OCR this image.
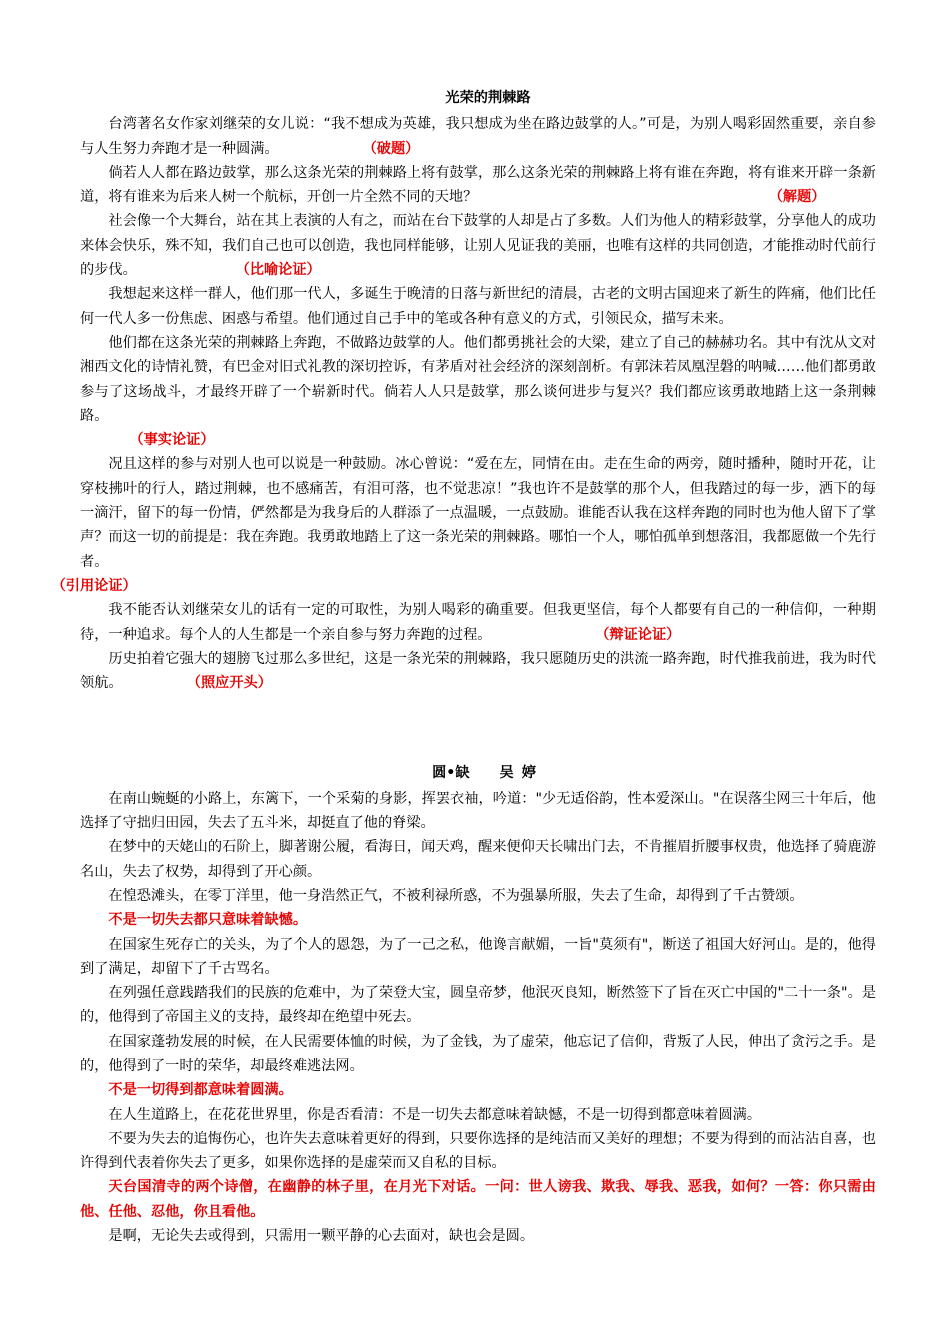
光荣的荆棘路

台湾著名女作家刘继荣的女儿说：“我不想成为英雄，我只想成为坐在路边鼓掌的人。”可是，为别人喝彩固然重要，亲自参与人生努力奔跑才是一种圆满。	（破题）

倘若人人都在路边鼓掌，那么这条光荣的荆棘路上将有鼓掌，那么这条光荣的荆棘路上将有谁在奔跑，将有谁来开辟一条新道，将有谁来为后来人树一个航标，开创一片全然不同的天地？	（解题）

社会像一个大舞台，站在其上表演的人有之，而站在台下鼓掌的人却是占了多数。人们为他人的精彩鼓掌，分享他人的成功来体会快乐，殊不知，我们自己也可以创造，我也同样能够，让别人见证我的美丽，也唯有这样的共同创造，才能推动时代前行的步伐。	（比喻论证）

我想起来这样一群人，他们那一代人，多诞生于晚清的日落与新世纪的清晨，古老的文明古国迎来了新生的阵痛，他们比任何一代人多一份焦虑、困惑与希望。他们通过自己手中的笔或各种有意义的方式，引领民众，描写未来。

他们都在这条光荣的荆棘路上奔跑，不做路边鼓掌的人。他们都勇挑社会的大梁，建立了自己的赫赫功名。其中有沈从文对湘西文化的诗情礼赞，有巴金对旧式礼教的深切控诉，有茅盾对社会经济的深刻剖析。有郭沫若凤凰涅磐的呐喊……他们都勇敢参与了这场战斗，才最终开辟了一个崭新时代。倘若人人只是鼓掌，那么谈何进步与复兴？我们都应该勇敢地踏上这一条荆棘路。
（事实论证）

况且这样的参与对别人也可以说是一种鼓励。冰心曾说：“爱在左，同情在由。走在生命的两旁，随时播种，随时开花，让穿枝拂叶的行人，踏过荆棘，也不感痛苦，有泪可落，也不觉悲凉！”我也许不是鼓掌的那个人，但我踏过的每一步，洒下的每一滴汗，留下的每一份情，俨然都是为我身后的人群添了一点温暖，一点鼓励。谁能否认我在这样奔跑的同时也为他人留下了掌声？而这一切的前提是：我在奔跑。我勇敢地踏上了这一条光荣的荆棘路。哪怕一个人，哪怕孤单到想落泪，我都愿做一个先行者。
（引用论证）

我不能否认刘继荣女儿的话有一定的可取性，为别人喝彩的确重要。但我更坚信，每个人都要有自己的一种信仰，一种期待，一种追求。每个人的人生都是一个亲自参与努力奔跑的过程。	（辩证论证）

历史拍着它强大的翅膀飞过那么多世纪，这是一条光荣的荆棘路，我只愿随历史的洪流一路奔跑，时代推我前进，我为时代领航。	（照应开头）

圆•缺 吴婷

在南山蜿蜒的小路上，东篱下，一个采菊的身影，挥罢衣袖，吟道："少无适俗韵，性本爱深山。"在误落尘网三十年后，他选择了守拙归田园，失去了五斗米，却挺直了他的脊梁。

在梦中的天姥山的石阶上，脚著谢公履，看海日，闻天鸡，醒来便仰天长啸出门去，不肯摧眉折腰事权贵，他选择了骑鹿游名山，失去了权势，却得到了开心颜。

在惶恐滩头，在零丁洋里，他一身浩然正气，不被利禄所惑，不为强暴所服，失去了生命，却得到了千古赞颂。

不是一切失去都只意味着缺憾。

在国家生死存亡的关头，为了个人的恩怨，为了一己之私，他谗言献媚，一旨"莫须有"，断送了祖国大好河山。是的，他得到了满足，却留下了千古骂名。

在列强任意践踏我们的民族的危难中，为了荣登大宝，圆皇帝梦，他泯灭良知，断然签下了旨在灭亡中国的"二十一条"。是的，他得到了帝国主义的支持，最终却在绝望中死去。

在国家蓬勃发展的时候，在人民需要体恤的时候，为了金钱，为了虚荣，他忘记了信仰，背叛了人民，伸出了贪污之手。是的，他得到了一时的荣华，却最终难逃法网。

不是一切得到都意味着圆满。

在人生道路上，在花花世界里，你是否看清：不是一切失去都意味着缺憾，不是一切得到都意味着圆满。

不要为失去的追悔伤心，也许失去意味着更好的得到，只要你选择的是纯洁而又美好的理想；不要为得到的而沾沾自喜，也许得到代表着你失去了更多，如果你选择的是虚荣而又自私的目标。

天台国清寺的两个诗僧，在幽静的林子里，在月光下对话。一问：世人谤我、欺我、辱我、恶我，如何？一答：你只需由他、任他、忍他，你且看他。

是啊，无论失去或得到，只需用一颗平静的心去面对，缺也会是圆。
